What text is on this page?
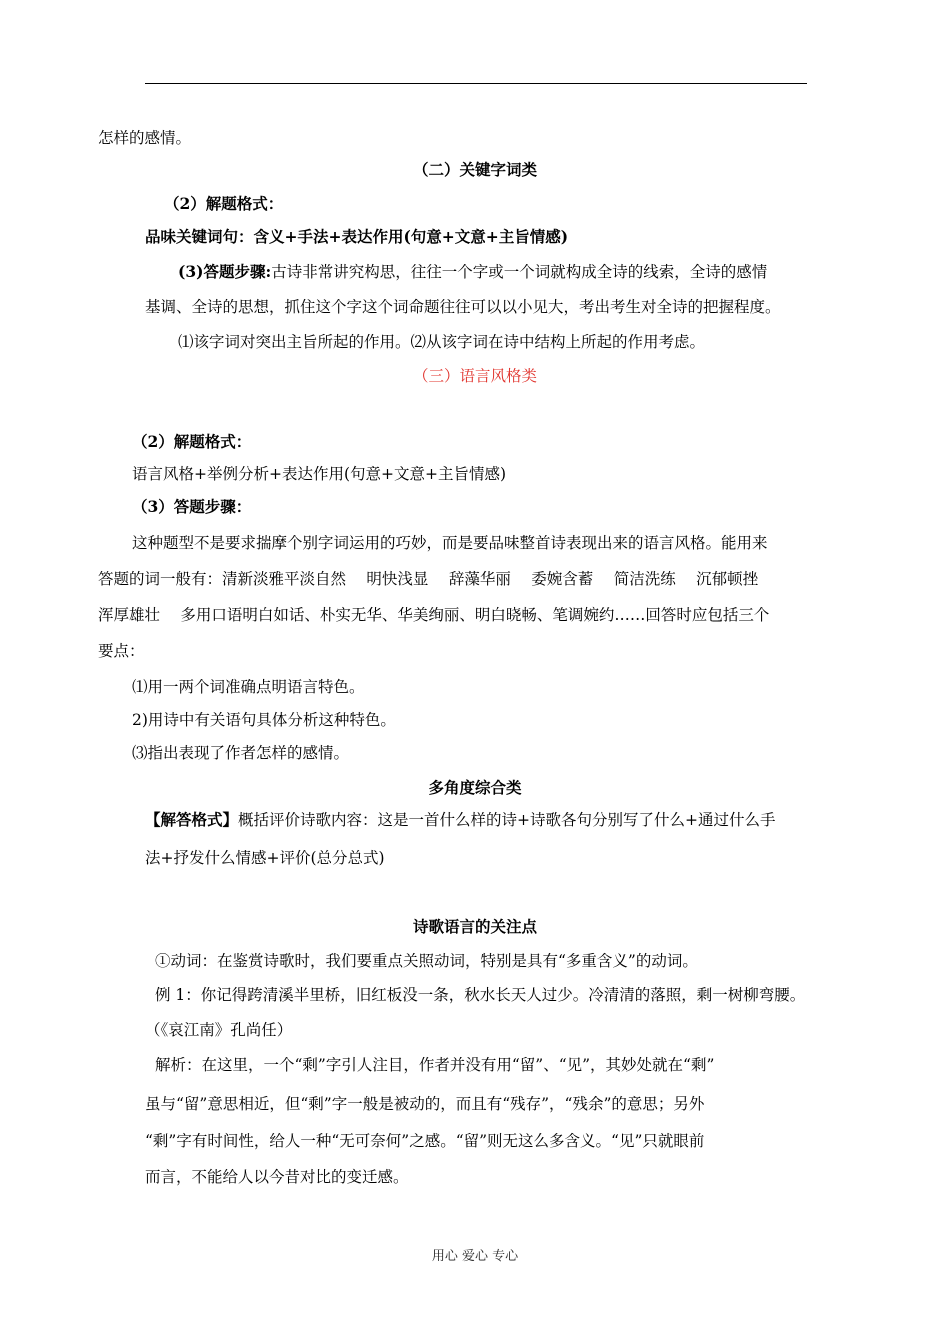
怎样的感情。
（二）关键字词类
（2）解题格式：
品味关键词句：含义+手法+表达作用(句意+文意+主旨情感)
(3)答题步骤:古诗非常讲究构思，往往一个字或一个词就构成全诗的线索，全诗的感情
基调、全诗的思想，抓住这个字这个词命题往往可以以小见大，考出考生对全诗的把握程度。
⑴该字词对突出主旨所起的作用。⑵从该字词在诗中结构上所起的作用考虑。
（三）语言风格类
（2）解题格式：
语言风格+举例分析+表达作用(句意+文意+主旨情感)
（3）答题步骤：
这种题型不是要求揣摩个别字词运用的巧妙，而是要品味整首诗表现出来的语言风格。能用来
答题的词一般有：清新淡雅平淡自然　 明快浅显　 辞藻华丽　 委婉含蓄　 简洁洗练　 沉郁顿挫
浑厚雄壮　 多用口语明白如话、朴实无华、华美绚丽、明白晓畅、笔调婉约……回答时应包括三个
要点：
⑴用一两个词准确点明语言特色。
2)用诗中有关语句具体分析这种特色。
⑶指出表现了作者怎样的感情。
多角度综合类
【解答格式】概括评价诗歌内容：这是一首什么样的诗+诗歌各句分别写了什么+通过什么手
法+抒发什么情感+评价(总分总式)
诗歌语言的关注点
①动词：在鉴赏诗歌时，我们要重点关照动词，特别是具有“多重含义”的动词。
例 1：你记得跨清溪半里桥，旧红板没一条，秋水长天人过少。冷清清的落照，剩一树柳弯腰。
（《哀江南》孔尚任）
解析：在这里，一个“剩”字引人注目，作者并没有用“留”、“见”，其妙处就在“剩”
虽与“留”意思相近，但“剩”字一般是被动的，而且有“残存”，“残余”的意思；另外
“剩”字有时间性，给人一种“无可奈何”之感。“留”则无这么多含义。“见”只就眼前
而言，不能给人以今昔对比的变迁感。
用心 爱心 专心
